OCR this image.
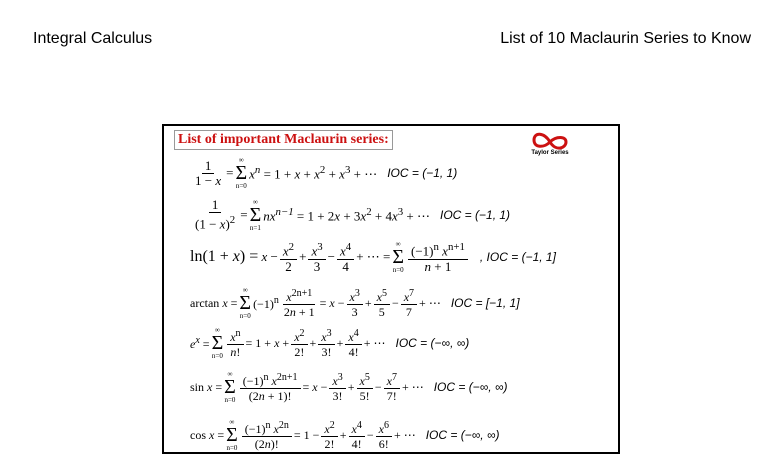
Integral Calculus	List of 10 Maclaurin Series to Know
List of important Maclaurin series:
Taylor Series
$\frac{1}{1 - x}$ =
∞
Σ
n=0
$x^n = 1 + x + x^2 + x^3$ + ⋯ IOC = (−1, 1)
$\frac{1}{(1 - x)^2}$ =
∞
Σ
n=1
$nx^{n-1} = 1 + 2x + 3x^2 + 4x^3$ + ⋯ IOC = (−1, 1)
$\ln(1 + x) = x - \frac{x^2}{2} + \frac{x^3}{3} - \frac{x^4}{4}$ + ⋯ =
∞
Σ
$n=0 \frac{(-1)^n x^{n+1}}{n + 1}$ , IOC = (−1, 1]
arctan x =
∞
Σ
n=0
$(-1)^n \frac{x^{2n+1}}{2n + 1} = x - \frac{x^3}{3} + \frac{x^5}{5} - \frac{x^7}{7}$ + ⋯ IOC = [−1, 1]
$e^x$ =
∞
Σ
$n=0 \frac{x^n}{n!} = 1 + x + \frac{x^2}{2!} + \frac{x^3}{3!} + \frac{x^4}{4!}$ + ⋯ IOC = (−∞, ∞)
sin x =
∞
Σ
$n=0 \frac{(-1)^n x^{2n+1}}{(2n + 1)!} = x - \frac{x^3}{3!} + \frac{x^5}{5!} - \frac{x^7}{7!}$ + ⋯ IOC = (−∞, ∞)
cos x =
∞
Σ
$n=0 \frac{(-1)^n x^{2n}}{(2n)!} = 1 - \frac{x^2}{2!} + \frac{x^4}{4!} - \frac{x^6}{6!}$ + ⋯ IOC = (−∞, ∞)
